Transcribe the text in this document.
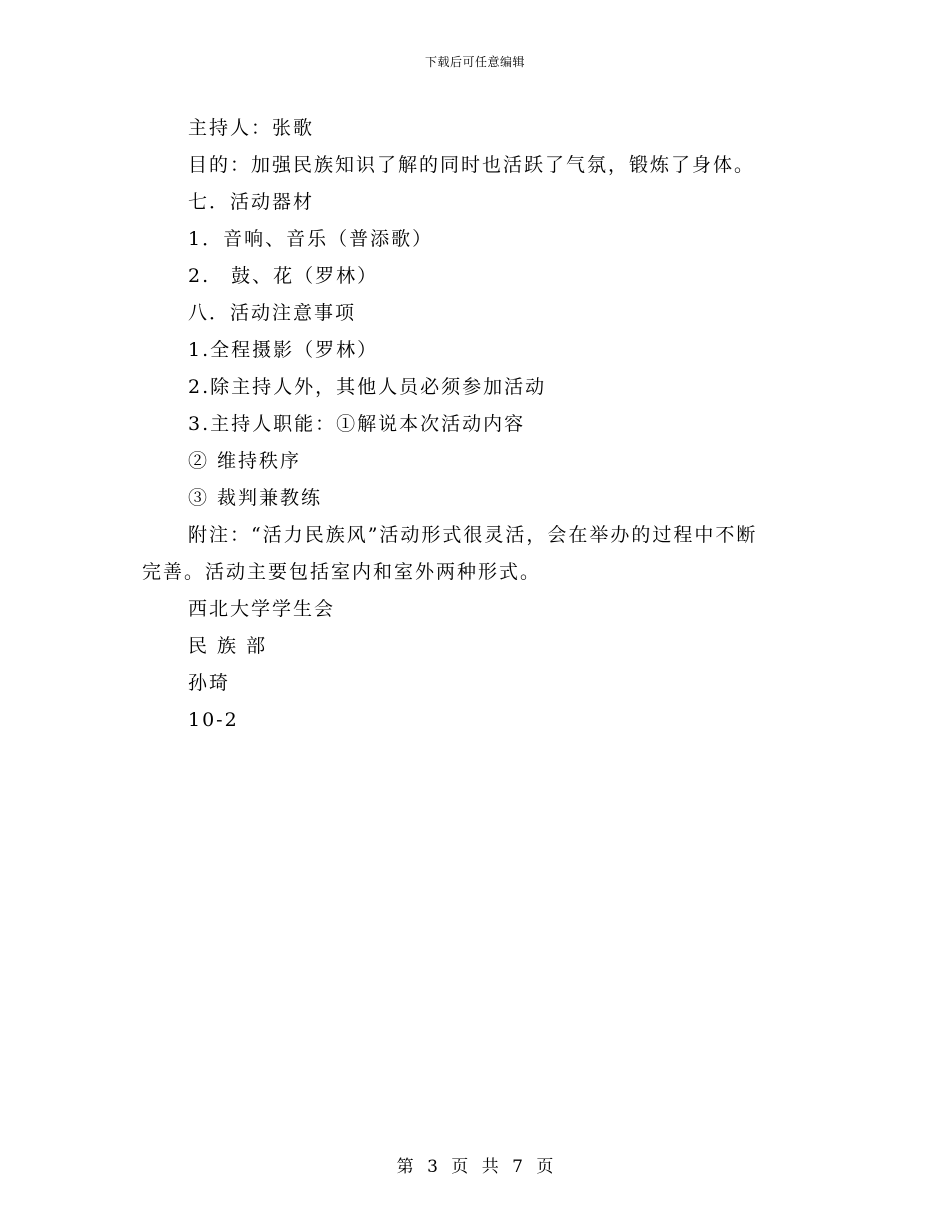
下载后可任意编辑
主持人：张歌
目的：加强民族知识了解的同时也活跃了气氛，锻炼了身体。
七．活动器材
1．音响、音乐（普添歌）
2.　鼓、花（罗林）
八．活动注意事项
1.全程摄影（罗林）
2.除主持人外，其他人员必须参加活动
3.主持人职能：①解说本次活动内容
② 维持秩序
③ 裁判兼教练
附注：“活力民族风”活动形式很灵活，会在举办的过程中不断
完善。活动主要包括室内和室外两种形式。
西北大学学生会
民 族 部
孙琦
10-2
第 3 页 共 7 页
